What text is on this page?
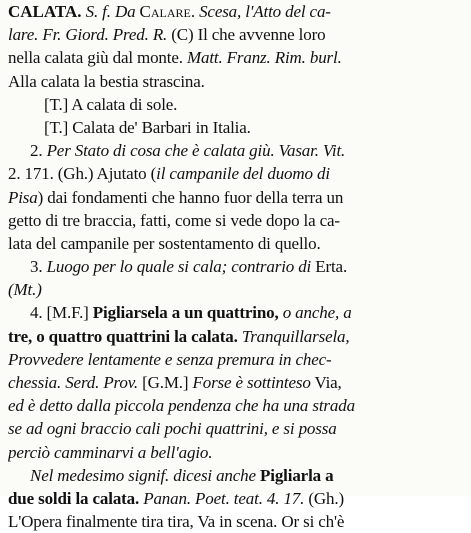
CALATA. S. f. Da Calare. Scesa, l'Atto del ca-
lare. Fr. Giord. Pred. R. (C) Il che avvenne loro
nella calata giù dal monte. Matt. Franz. Rim. burl.
Alla calata la bestia strascina.
[T.] A calata di sole.
[T.] Calata de' Barbari in Italia.
2. Per Stato di cosa che è calata giù. Vasar. Vit.
2. 171. (Gh.) Ajutato (il campanile del duomo di
Pisa) dai fondamenti che hanno fuor della terra un
getto di tre braccia, fatti, come si vede dopo la ca-
lata del campanile per sostentamento di quello.
3. Luogo per lo quale si cala; contrario di Erta.
(Mt.)
4. [M.F.] Pigliarsela a un quattrino, o anche, a
tre, o quattro quattrini la calata. Tranquillarsela,
Provvedere lentamente e senza premura in chec-
chessia. Serd. Prov. [G.M.] Forse è sottinteso Via,
ed è detto dalla piccola pendenza che ha una strada
se ad ogni braccio cali pochi quattrini, e si possa
perciò camminarvi a bell'agio.
Nel medesimo signif. dicesi anche Pigliarla a
due soldi la calata. Panan. Poet. teat. 4. 17. (Gh.)
L'Opera finalmente tira tira, Va in scena. Or si ch'è
